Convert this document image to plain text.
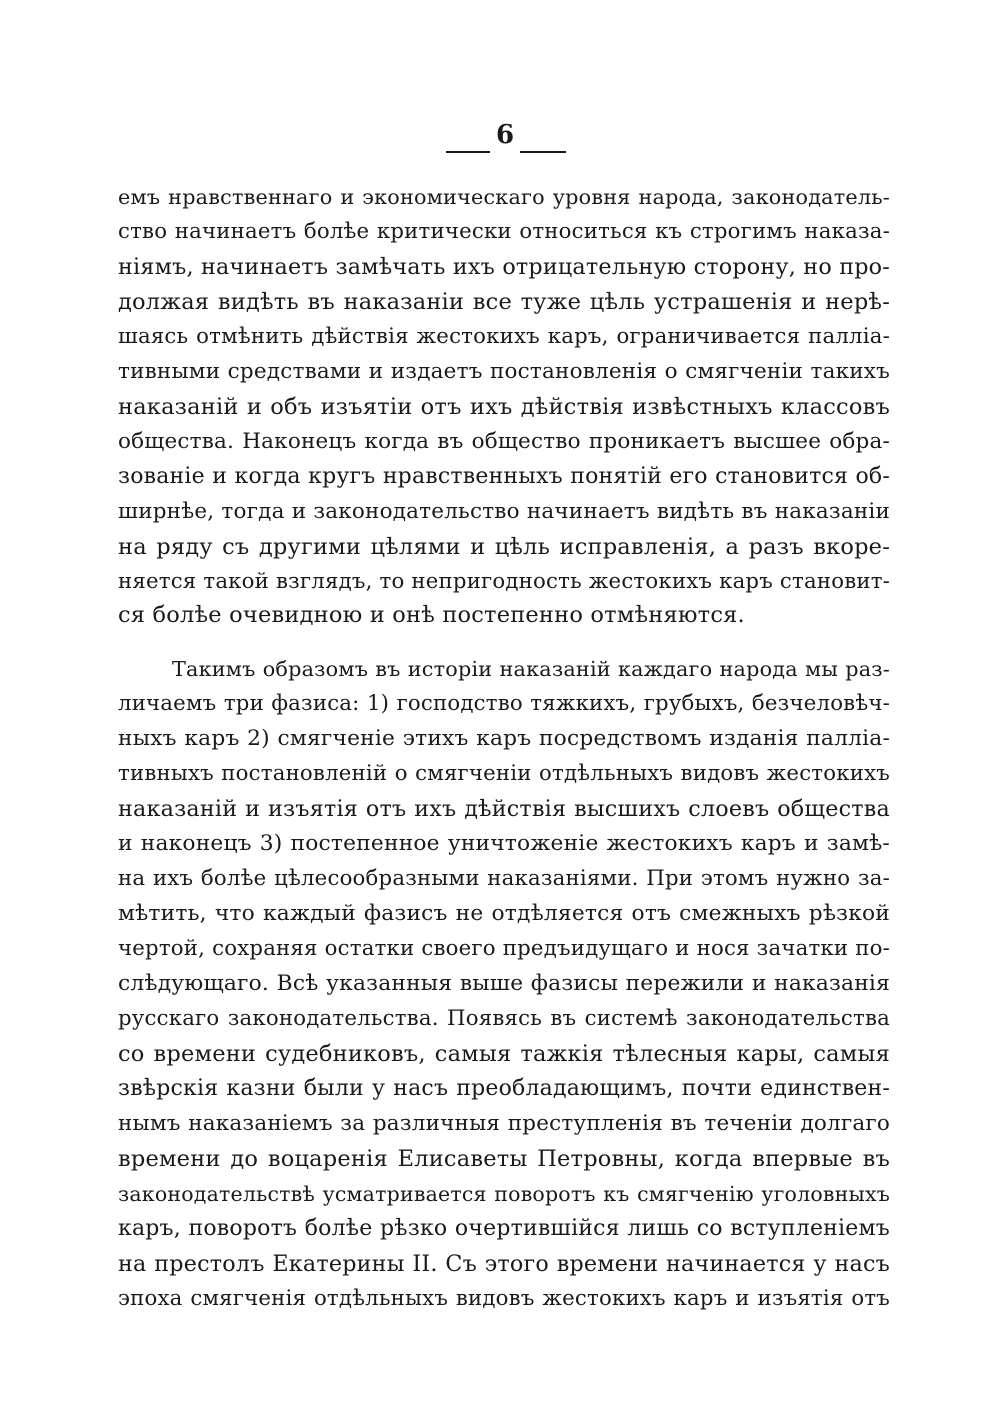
6
емъ нравственнаго и экономическаго уровня народа, законодатель-
ство начинаетъ болѣе критически относиться къ строгимъ наказа-
ніямъ, начинаетъ замѣчать ихъ отрицательную сторону, но про-
должая видѣть въ наказаніи все туже цѣль устрашенія и нерѣ-
шаясь отмѣнить дѣйствія жестокихъ каръ, ограничивается палліа-
тивными средствами и издаетъ постановленія о смягченіи такихъ
наказаній и объ изъятіи отъ ихъ дѣйствія извѣстныхъ классовъ
общества. Наконецъ когда въ общество проникаетъ высшее обра-
зованіе и когда кругъ нравственныхъ понятій его становится об-
ширнѣе, тогда и законодательство начинаетъ видѣть въ наказаніи
на ряду съ другими цѣлями и цѣль исправленія, а разъ вкоре-
няется такой взглядъ, то непригодность жестокихъ каръ становит-
ся болѣе очевидною и онѣ постепенно отмѣняются.
Такимъ образомъ въ исторіи наказаній каждаго народа мы раз-
личаемъ три фазиса: 1) господство тяжкихъ, грубыхъ, безчеловѣч-
ныхъ каръ 2) смягченіе этихъ каръ посредствомъ изданія палліа-
тивныхъ постановленій о смягченіи отдѣльныхъ видовъ жестокихъ
наказаній и изъятія отъ ихъ дѣйствія высшихъ слоевъ общества
и наконецъ 3) постепенное уничтоженіе жестокихъ каръ и замѣ-
на ихъ болѣе цѣлесообразными наказаніями. При этомъ нужно за-
мѣтить, что каждый фазисъ не отдѣляется отъ смежныхъ рѣзкой
чертой, сохраняя остатки своего предъидущаго и нося зачатки по-
слѣдующаго. Всѣ указанныя выше фазисы пережили и наказанія
русскаго законодательства. Появясь въ системѣ законодательства
со времени судебниковъ, самыя тажкія тѣлесныя кары, самыя
звѣрскія казни были у насъ преобладающимъ, почти единствен-
нымъ наказаніемъ за различныя преступленія въ теченіи долгаго
времени до воцаренія Елисаветы Петровны, когда впервые въ
законодательствѣ усматривается поворотъ къ смягченію уголовныхъ
каръ, поворотъ болѣе рѣзко очертившійся лишь со вступленіемъ
на престолъ Екатерины II. Съ этого времени начинается у насъ
эпоха смягченія отдѣльныхъ видовъ жестокихъ каръ и изъятія отъ
